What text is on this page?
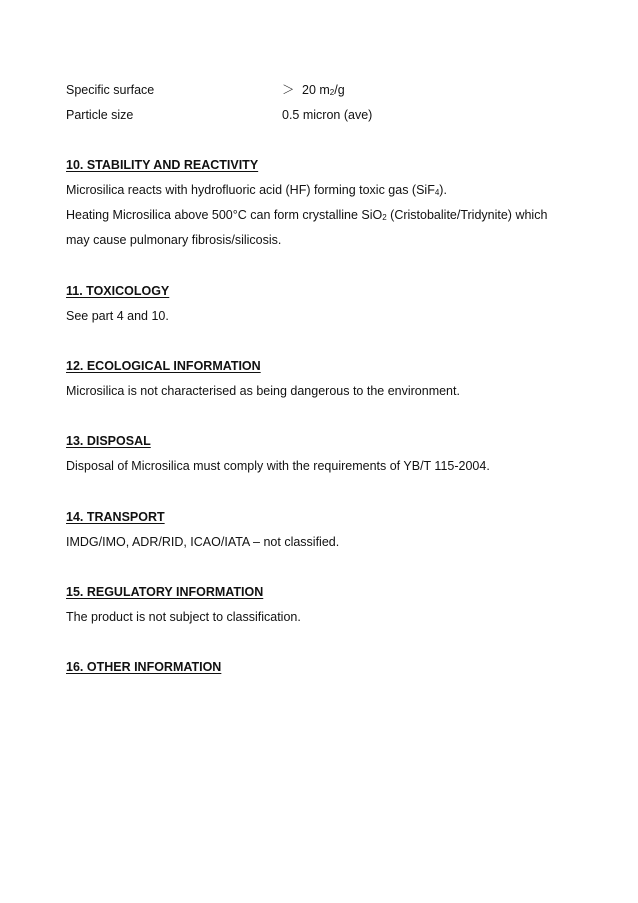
Specific surface	＞ 20 m2/g
Particle size	0.5 micron (ave)
10. STABILITY AND REACTIVITY
Microsilica reacts with hydrofluoric acid (HF) forming toxic gas (SiF4).
Heating Microsilica above 500°C can form crystalline SiO2 (Cristobalite/Tridynite) which
may cause pulmonary fibrosis/silicosis.
11. TOXICOLOGY
See part 4 and 10.
12. ECOLOGICAL INFORMATION
Microsilica is not characterised as being dangerous to the environment.
13. DISPOSAL
Disposal of Microsilica must comply with the requirements of YB/T 115-2004.
14. TRANSPORT
IMDG/IMO, ADR/RID, ICAO/IATA – not classified.
15. REGULATORY INFORMATION
The product is not subject to classification.
16. OTHER INFORMATION
